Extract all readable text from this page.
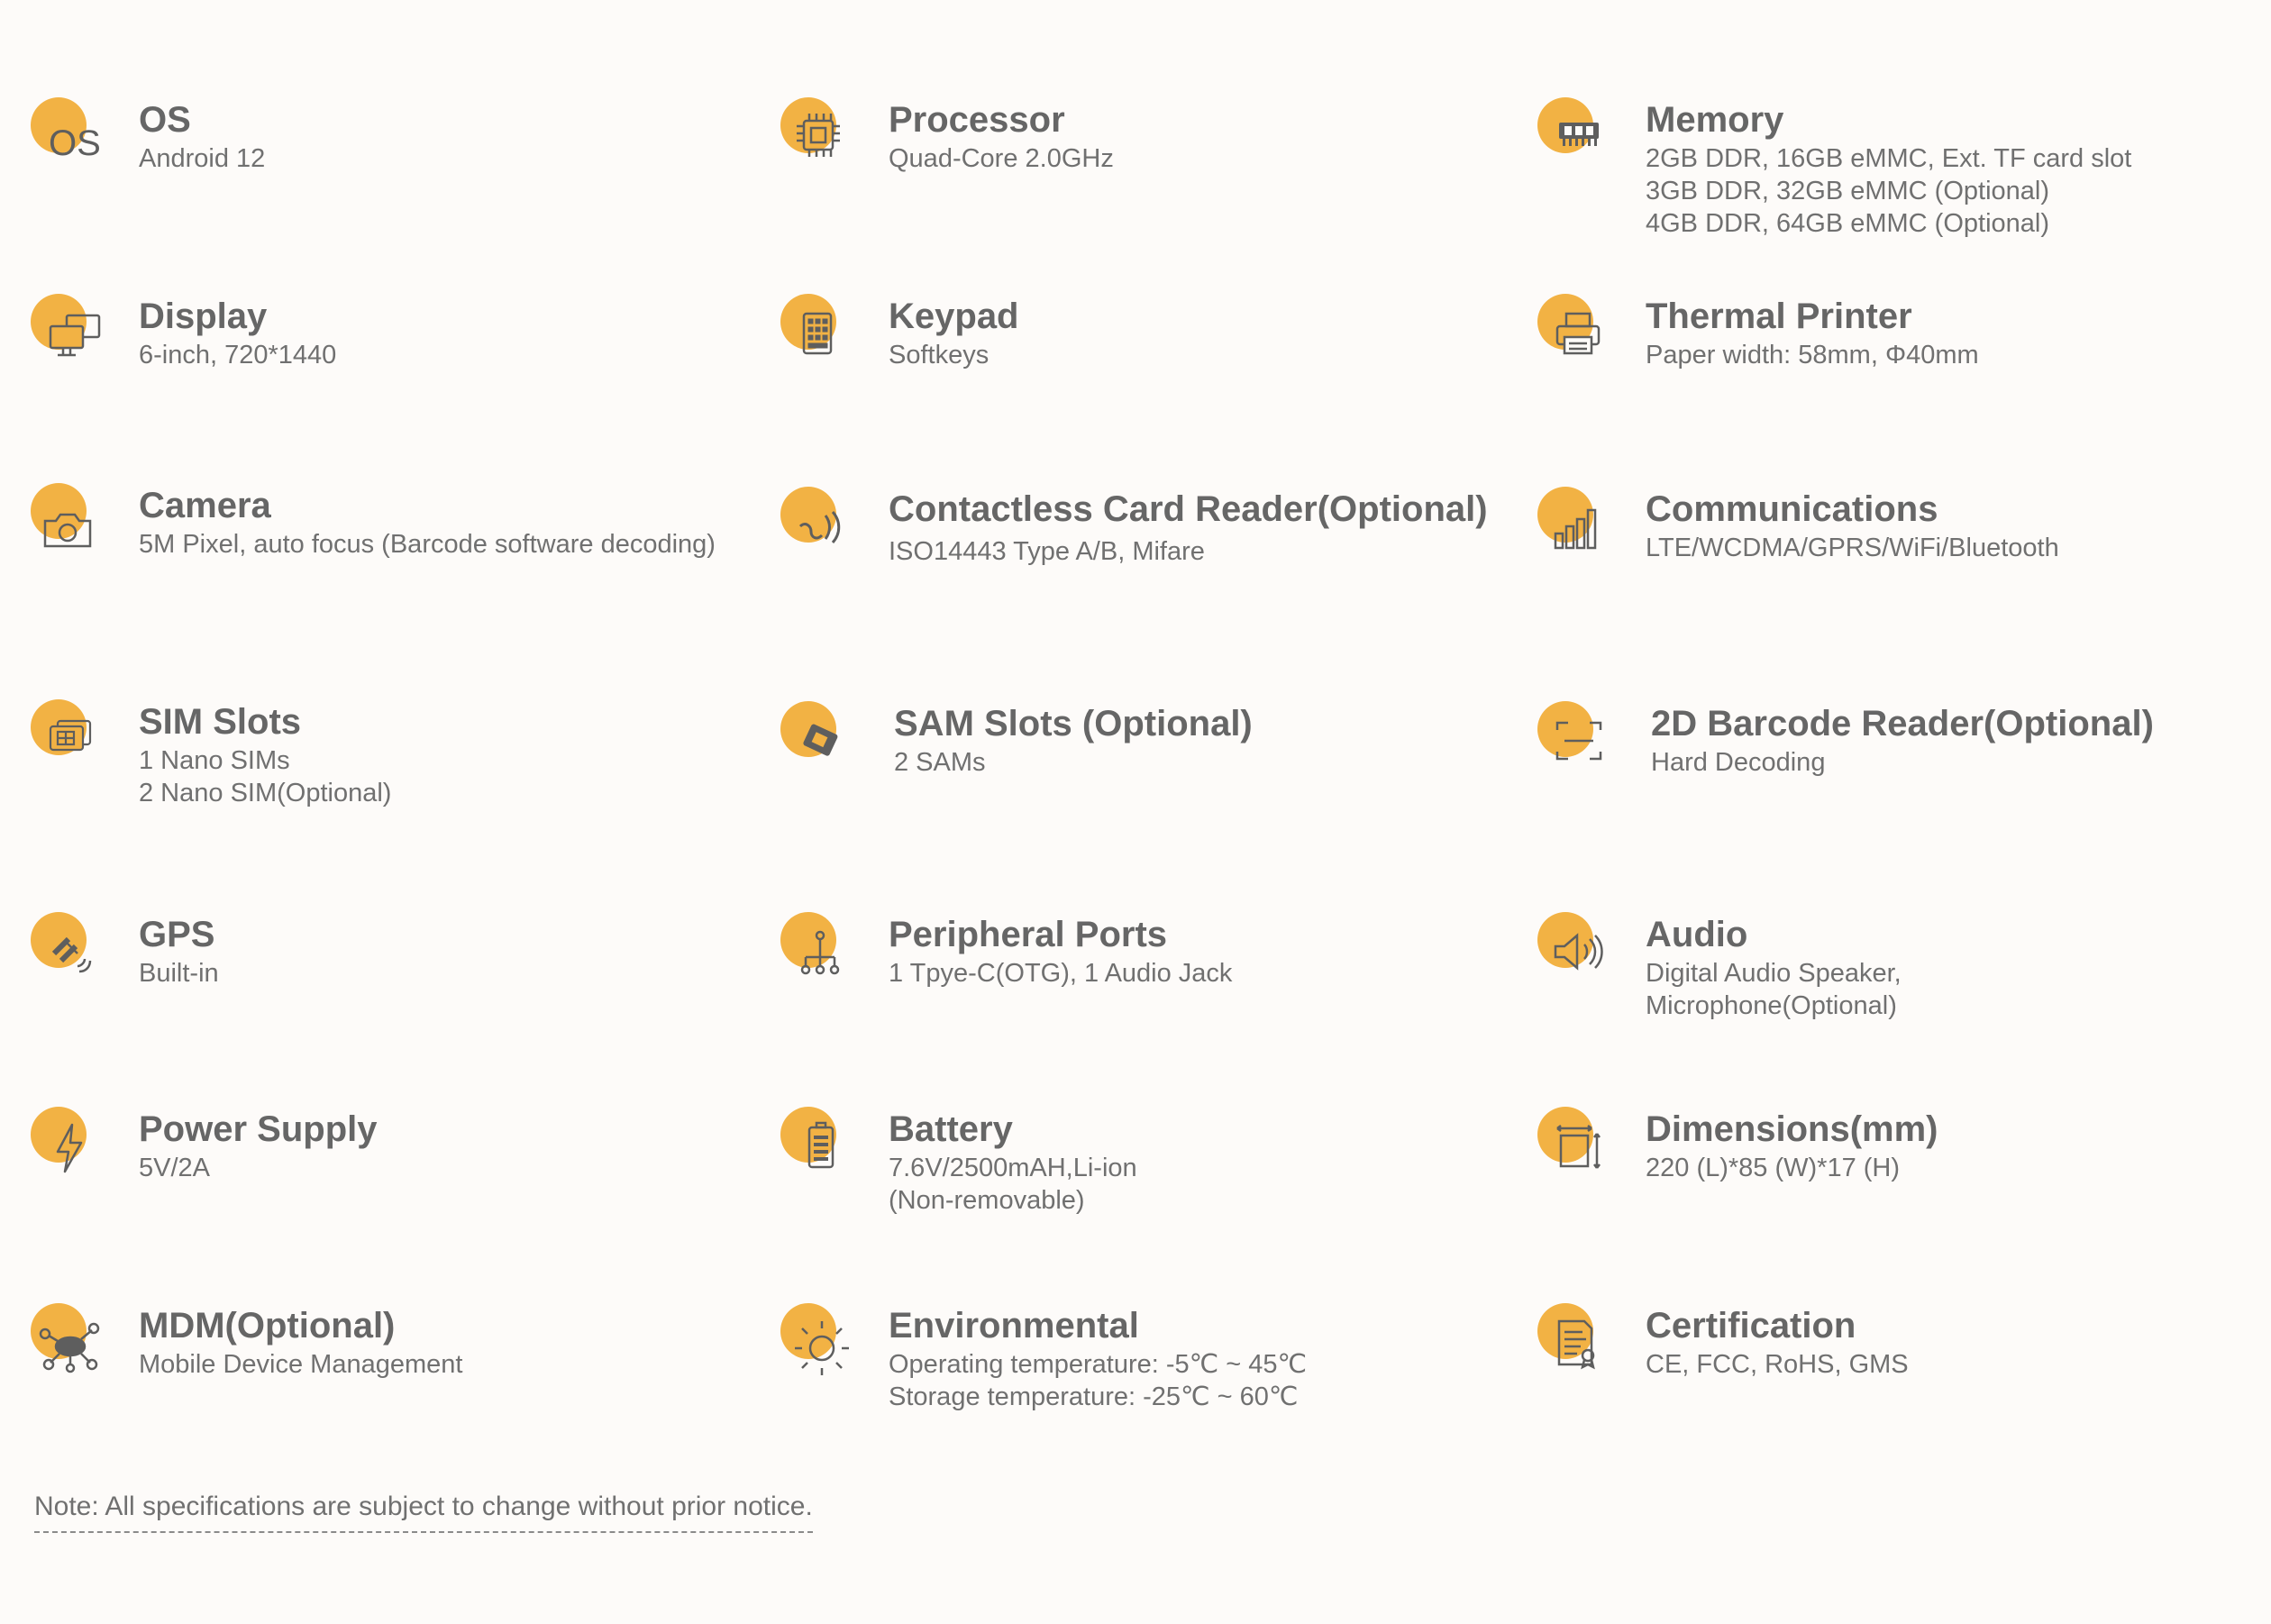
OS
OS
Android 12
Processor
Quad-Core 2.0GHz
Memory
2GB DDR, 16GB eMMC, Ext. TF card slot
3GB DDR, 32GB eMMC (Optional)
4GB DDR, 64GB eMMC (Optional)
Display
6-inch, 720*1440
Keypad
Softkeys
Thermal Printer
Paper width: 58mm, Φ40mm
Camera
5M Pixel, auto focus (Barcode software decoding)
Contactless Card Reader(Optional)
ISO14443 Type A/B, Mifare
Communications
LTE/WCDMA/GPRS/WiFi/Bluetooth
SIM Slots
1 Nano SIMs
2 Nano SIM(Optional)
SAM Slots (Optional)
2 SAMs
2D Barcode Reader(Optional)
Hard Decoding
GPS
Built-in
Peripheral Ports
1 Tpye-C(OTG), 1 Audio Jack
Audio
Digital Audio Speaker,
Microphone(Optional)
Power Supply
5V/2A
Battery
7.6V/2500mAH,Li-ion
(Non-removable)
Dimensions(mm)
220 (L)*85 (W)*17 (H)
MDM(Optional)
Mobile Device Management
Environmental
Operating temperature: -5℃ ~ 45℃
Storage temperature: -25℃ ~ 60℃
Certification
CE, FCC, RoHS, GMS
Note: All specifications are subject to change without prior notice.
